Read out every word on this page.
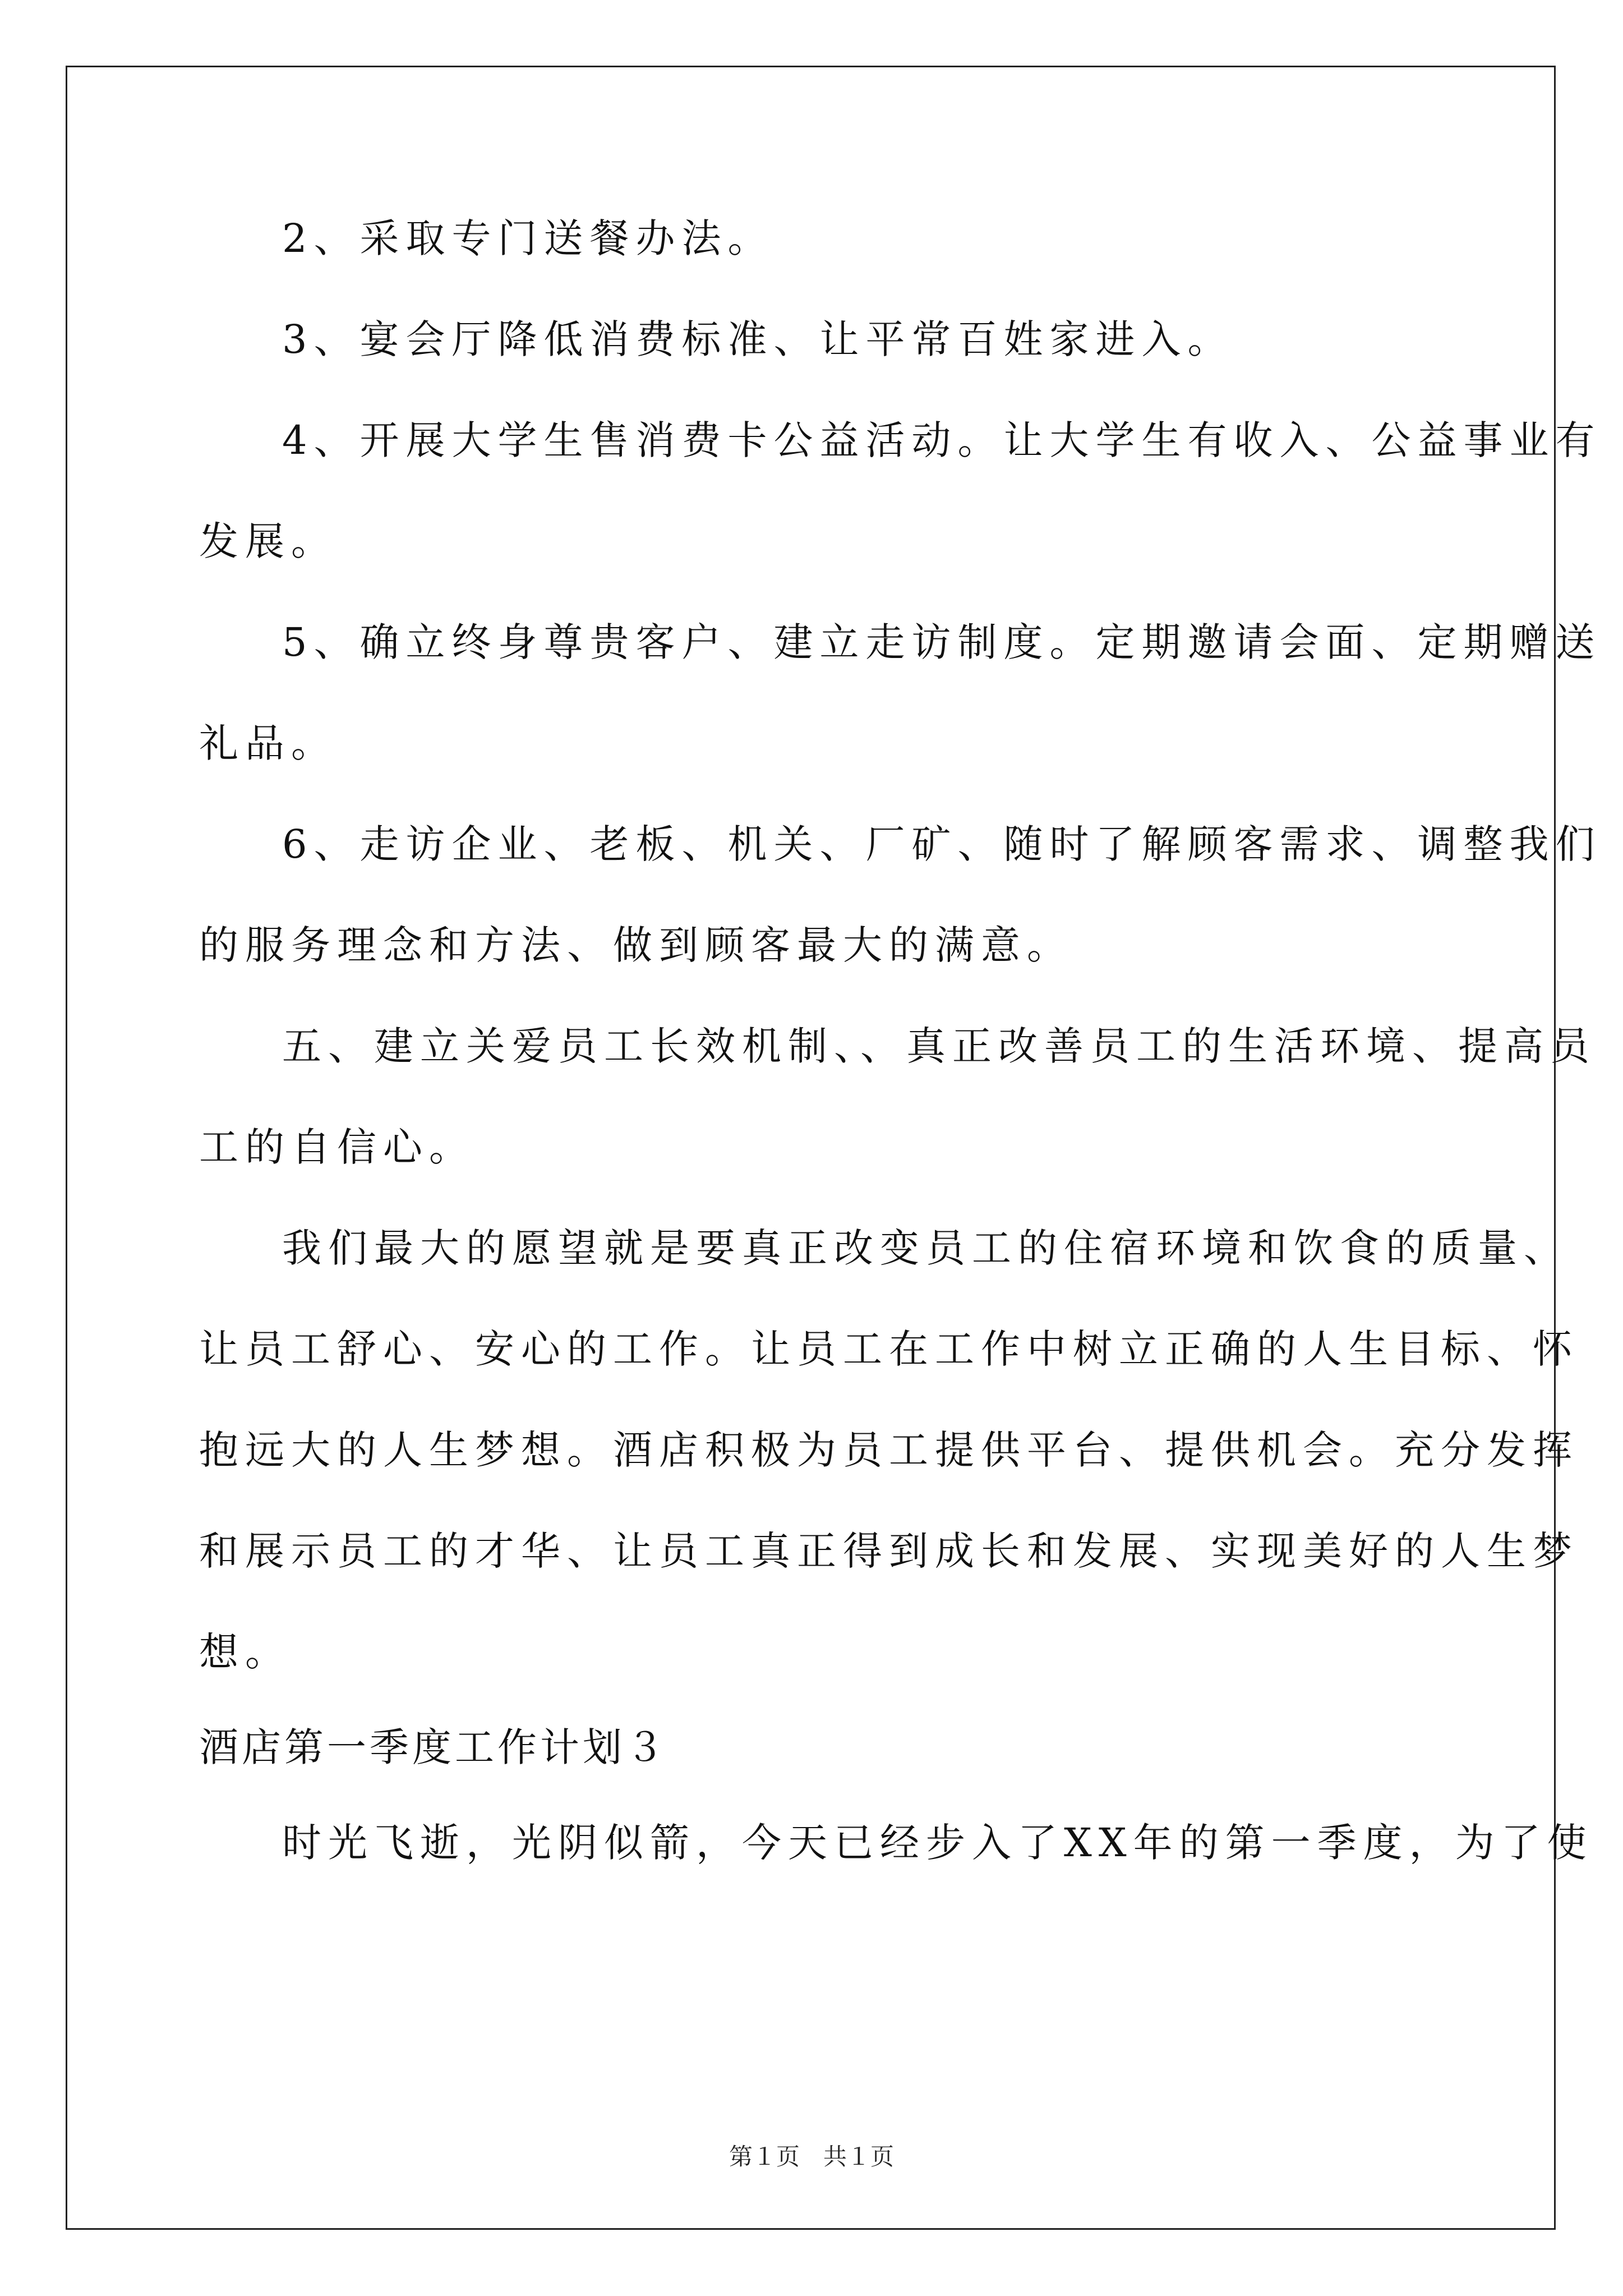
2、采取专门送餐办法。
3、宴会厅降低消费标准、让平常百姓家进入。
4、开展大学生售消费卡公益活动。让大学生有收入、公益事业有
发展。
5、确立终身尊贵客户、建立走访制度。定期邀请会面、定期赠送
礼品。
6、走访企业、老板、机关、厂矿、随时了解顾客需求、调整我们
的服务理念和方法、做到顾客最大的满意。
五、建立关爱员工长效机制、、真正改善员工的生活环境、提高员
工的自信心。
我们最大的愿望就是要真正改变员工的住宿环境和饮食的质量、
让员工舒心、安心的工作。让员工在工作中树立正确的人生目标、怀
抱远大的人生梦想。酒店积极为员工提供平台、提供机会。充分发挥
和展示员工的才华、让员工真正得到成长和发展、实现美好的人生梦
想。
酒店第一季度工作计划３
时光飞逝，光阴似箭，今天已经步入了XX年的第一季度，为了使
第１页　共１页
